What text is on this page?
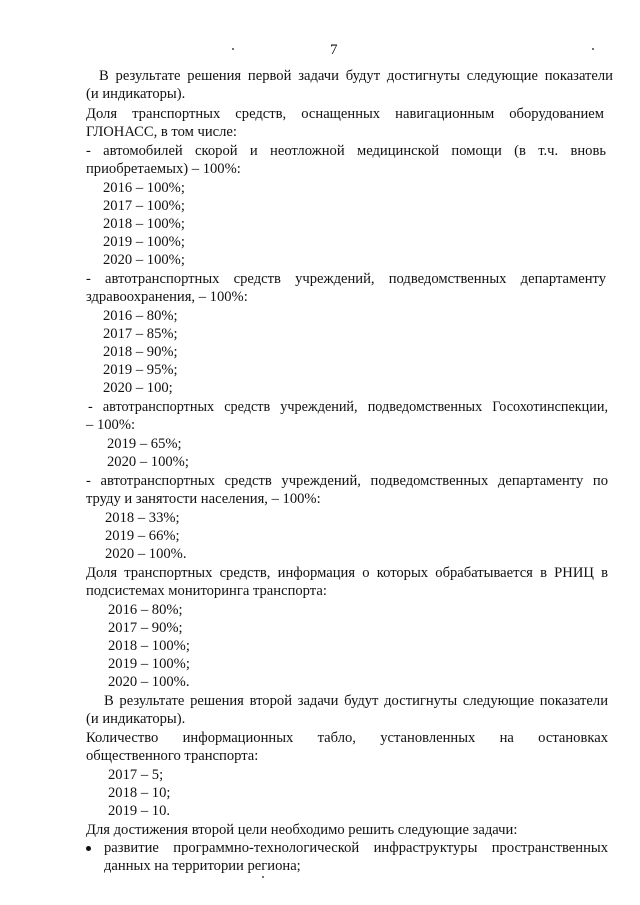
7
В результате решения первой задачи будут достигнуты следующие показатели
(и индикаторы).
Доля транспортных средств, оснащенных навигационным оборудованием
ГЛОНАСС, в том числе:
- автомобилей скорой и неотложной медицинской помощи (в т.ч. вновь
приобретаемых) – 100%:
2016 – 100%;
2017 – 100%;
2018 – 100%;
2019 – 100%;
2020 – 100%;
- автотранспортных средств учреждений, подведомственных департаменту
здравоохранения, – 100%:
2016 – 80%;
2017 – 85%;
2018 – 90%;
2019 – 95%;
2020 – 100;
- автотранспортных средств учреждений, подведомственных Госохотинспекции,
– 100%:
2019 – 65%;
2020 – 100%;
- автотранспортных средств учреждений, подведомственных департаменту по
труду и занятости населения, – 100%:
2018 – 33%;
2019 – 66%;
2020 – 100%.
Доля транспортных средств, информация о которых обрабатывается в РНИЦ в
подсистемах мониторинга транспорта:
2016 – 80%;
2017 – 90%;
2018 – 100%;
2019 – 100%;
2020 – 100%.
В результате решения второй задачи будут достигнуты следующие показатели
(и индикаторы).
Количество информационных табло, установленных на остановках
общественного транспорта:
2017 – 5;
2018 – 10;
2019 – 10.
Для достижения второй цели необходимо решить следующие задачи:
развитие программно-технологической инфраструктуры пространственных
данных на территории региона;
